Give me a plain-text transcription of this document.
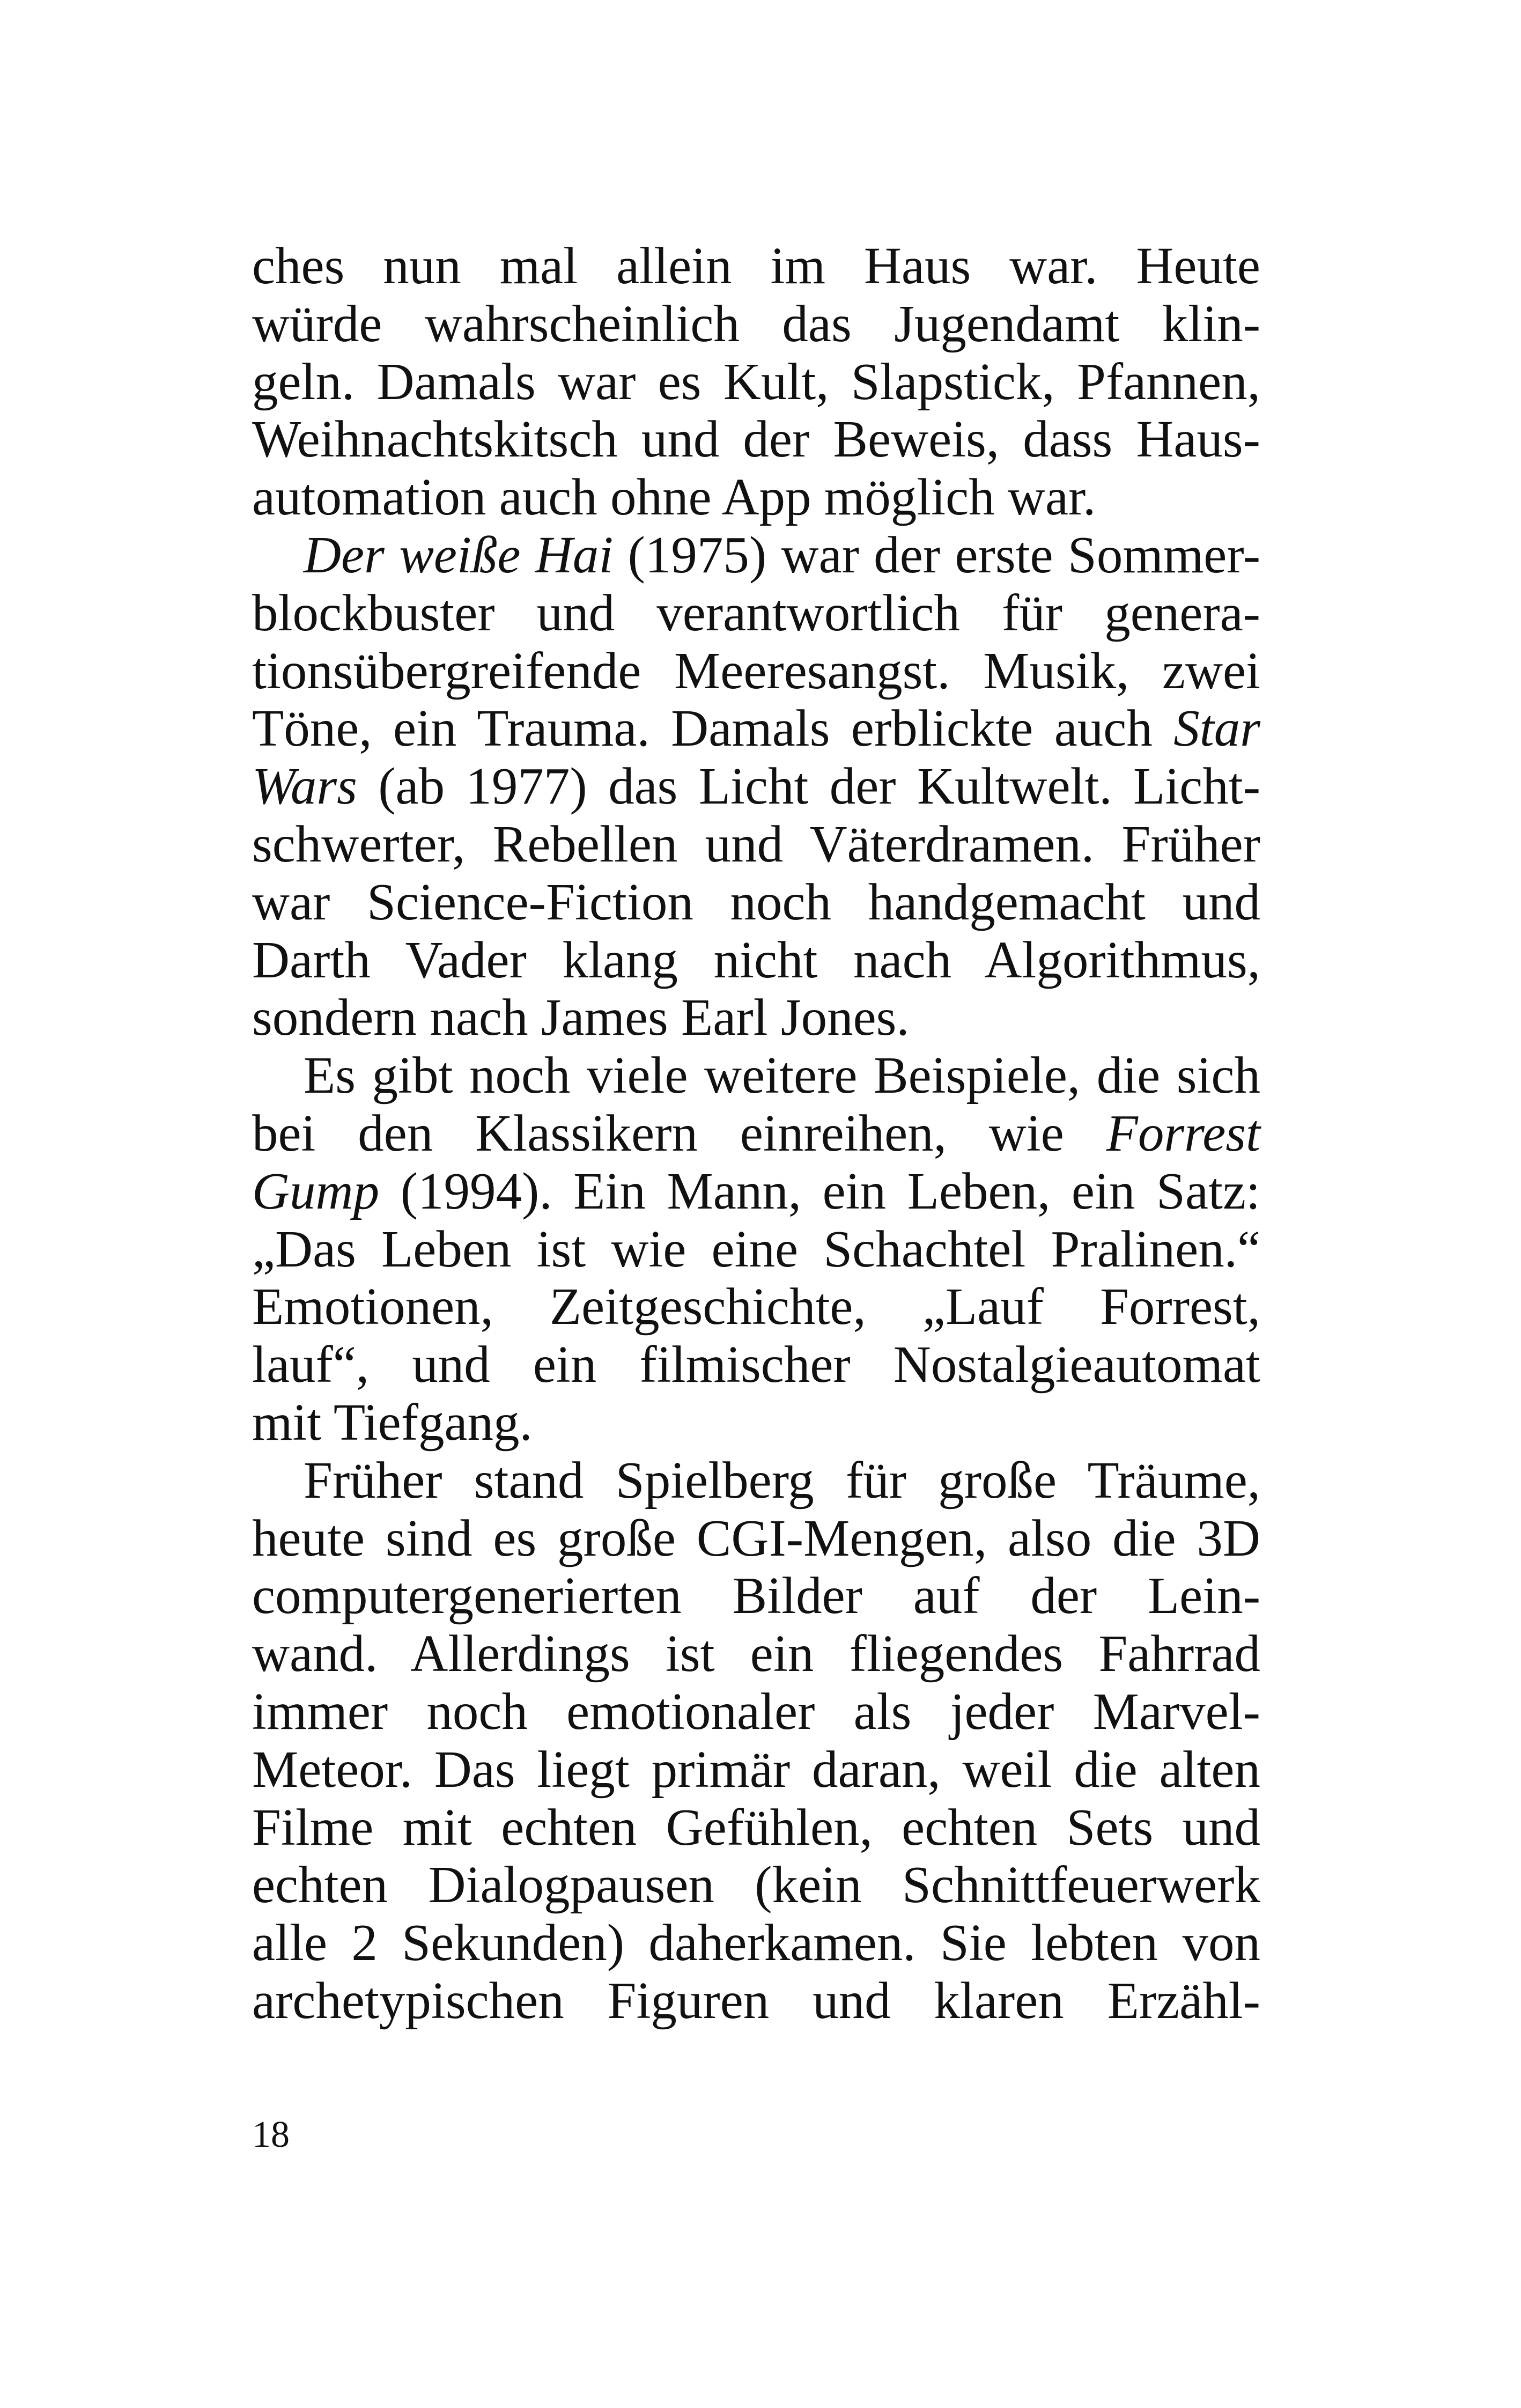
ches nun mal allein im Haus war. Heute
würde wahrscheinlich das Jugendamt klin-
geln. Damals war es Kult, Slapstick, Pfannen,
Weihnachtskitsch und der Beweis, dass Haus-
automation auch ohne App möglich war.
Der weiße Hai (1975) war der erste Sommer-
blockbuster und verantwortlich für genera-
tionsübergreifende Meeresangst. Musik, zwei
Töne, ein Trauma. Damals erblickte auch Star
Wars (ab 1977) das Licht der Kultwelt. Licht-
schwerter, Rebellen und Väterdramen. Früher
war Science-Fiction noch handgemacht und
Darth Vader klang nicht nach Algorithmus,
sondern nach James Earl Jones.
Es gibt noch viele weitere Beispiele, die sich
bei den Klassikern einreihen, wie Forrest
Gump (1994). Ein Mann, ein Leben, ein Satz:
„Das Leben ist wie eine Schachtel Pralinen.“
Emotionen, Zeitgeschichte, „Lauf Forrest,
lauf“, und ein filmischer Nostalgieautomat
mit Tiefgang.
Früher stand Spielberg für große Träume,
heute sind es große CGI-Mengen, also die 3D
computergenerierten Bilder auf der Lein-
wand. Allerdings ist ein fliegendes Fahrrad
immer noch emotionaler als jeder Marvel-
Meteor. Das liegt primär daran, weil die alten
Filme mit echten Gefühlen, echten Sets und
echten Dialogpausen (kein Schnittfeuerwerk
alle 2 Sekunden) daherkamen. Sie lebten von
archetypischen Figuren und klaren Erzähl-
18
